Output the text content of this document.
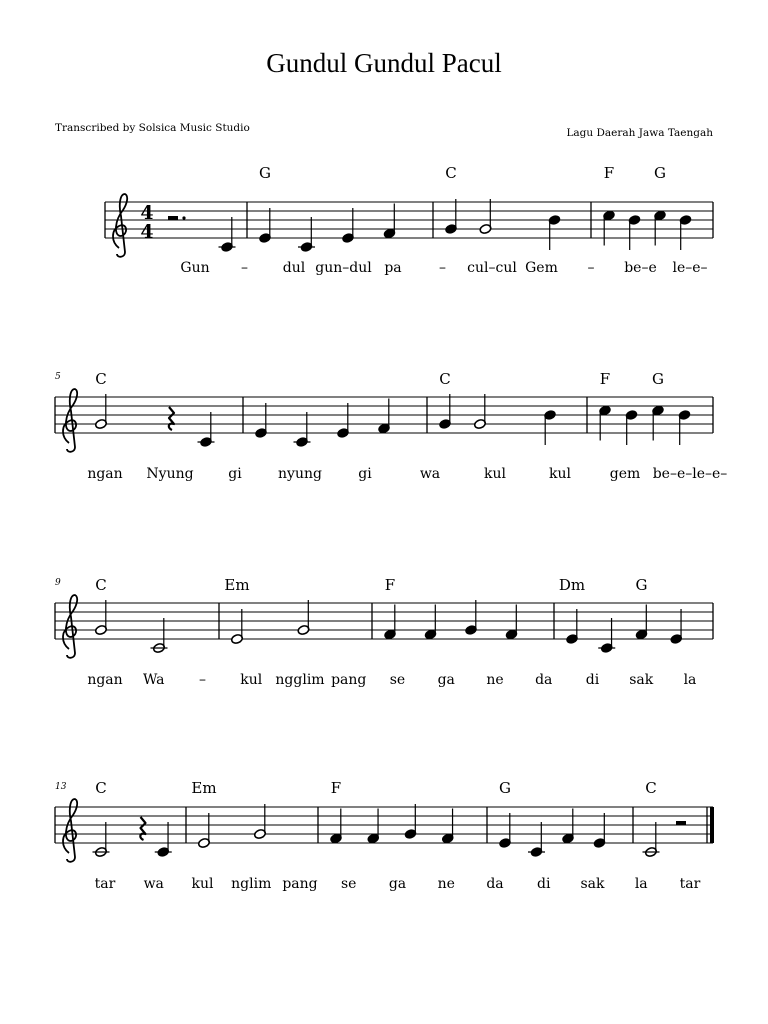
Gundul Gundul Pacul
Transcribed by Solsica Music Studio	Lagu Daerah Jawa Taengah
4
4
G	C	F	G
Gun – dul gun–dul pa	– cul–cul Gem – be–e le–e–
5 C	C	F	G
ngan Nyung gi	nyung	gi	wa	kul	kul	gem be–e–le–e–
9 C	Em	F	Dm	G
ngan Wa – kul ngglim pang se ga ne da di sak la
13 C	Em	F	G	C
tar wa kul nglim pang se ga ne da di sak la tar
